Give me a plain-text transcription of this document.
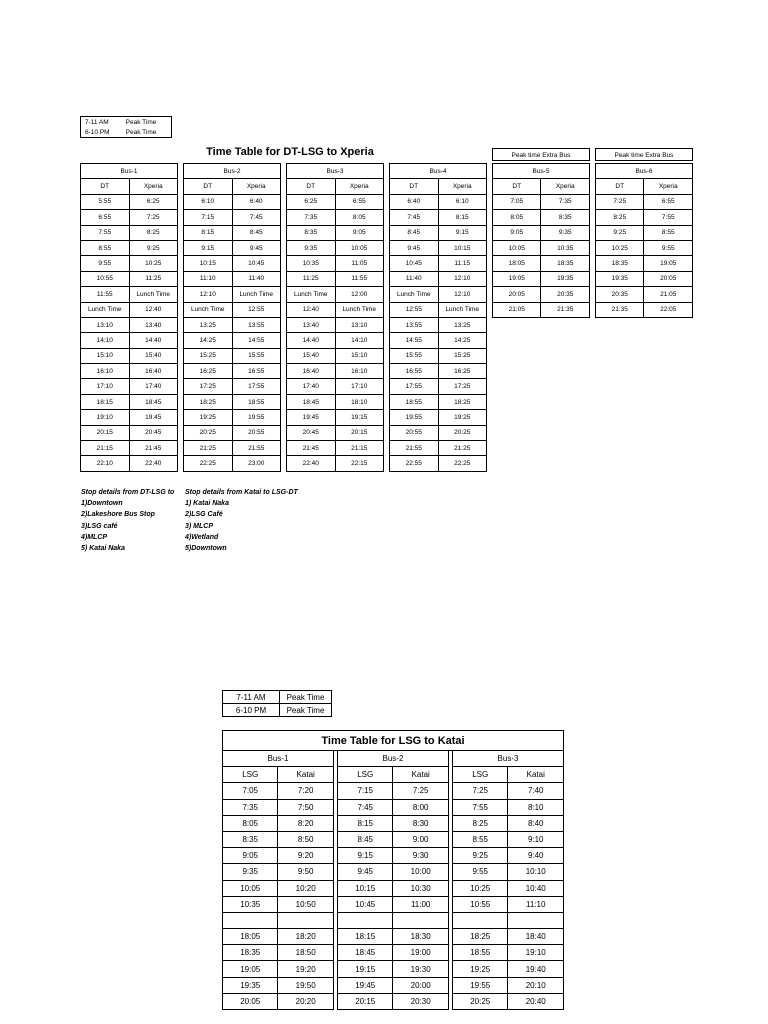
7-11 AM	Peak Time
6-10 PM	Peak Time
Time Table for DT-LSG to Xperia	Peak time Extra Bus	Peak time Extra Bus
Bus-1	
DT	Xperia
5:55	6:25
6:55	7:25
7:55	8:25
8:55	9:25
9:55	10:25
10:55	11:25
11:55	Lunch Time
Lunch Time	12:40
13:10	13:40
14:10	14:40
15:10	15:40
16:10	16:40
17:10	17:40
18:15	18:45
19:10	19:45
20:15	20:45
21:15	21:45
22:10	22:40
Bus-2	
DT	Xperia
6:10	6:40
7:15	7:45
8:15	8:45
9:15	9:45
10:15	10:45
11:10	11:40
12:10	Lunch Time
Lunch Time	12:55
13:25	13:55
14:25	14:55
15:25	15:55
16:25	16:55
17:25	17:55
18:25	18:55
19:25	19:55
20:25	20:55
21:25	21:55
22:25	23:00
Bus-3	
DT	Xperia
6:25	6:55
7:35	8:05
8:35	9:05
9:35	10:05
10:35	11:05
11:25	11:55
Lunch Time	12:00
12:40	Lunch Time
13:40	13:10
14:40	14:10
15:40	15:10
16:40	16:10
17:40	17:10
18:45	18:10
19:45	19:15
20:45	20:15
21:45	21:15
22:40	22:15
Bus-4	
DT	Xperia
6:40	6:10
7:45	8:15
8:45	9:15
9:45	10:15
10:45	11:15
11:40	12:10
Lunch Time	12:10
12:55	Lunch Time
13:55	13:25
14:55	14:25
15:55	15:25
16:55	16:25
17:55	17:25
18:55	18:25
19:55	19:25
20:55	20:25
21:55	21:25
22:55	22:25
Bus-5	
DT	Xperia
7:05	7:35
8:05	8:35
9:05	9:35
10:05	10:35
18:05	18:35
19:05	19:35
20:05	20:35
21:05	21:35
Bus-6	
DT	Xperia
7:25	6:55
8:25	7:55
9:25	8:55
10:25	9:55
18:35	19:05
19:35	20:05
20:35	21:05
21:35	22:05
Stop details from DT-LSG to
1)Downtown
2)Lakeshore Bus Stop
3)LSG café
4)MLCP
5) Katai Naka
Stop details from Katai to LSG-DT
1) Katai Naka
2)LSG Café
3) MLCP
4)Wetland
5)Downtown
7-11 AM	Peak Time
6-10 PM	Peak Time
Time Table for LSG to Katai							
Bus-1			Bus-2			Bus-3	
LSG	Katai		LSG	Katai		LSG	Katai
7:05	7:20		7:15	7:25		7:25	7:40
7:35	7:50		7:45	8:00		7:55	8:10
8:05	8:20		8:15	8:30		8:25	8:40
8:35	8:50		8:45	9:00		8:55	9:10
9:05	9:20		9:15	9:30		9:25	9:40
9:35	9:50		9:45	10:00		9:55	10:10
10:05	10:20		10:15	10:30		10:25	10:40
10:35	10:50		10:45	11:00		10:55	11:10

18:05	18:20		18:15	18:30		18:25	18:40
18:35	18:50		18:45	19:00		18:55	19:10
19:05	19:20		19:15	19:30		19:25	19:40
19:35	19:50		19:45	20:00		19:55	20:10
20:05	20:20		20:15	20:30		20:25	20:40
